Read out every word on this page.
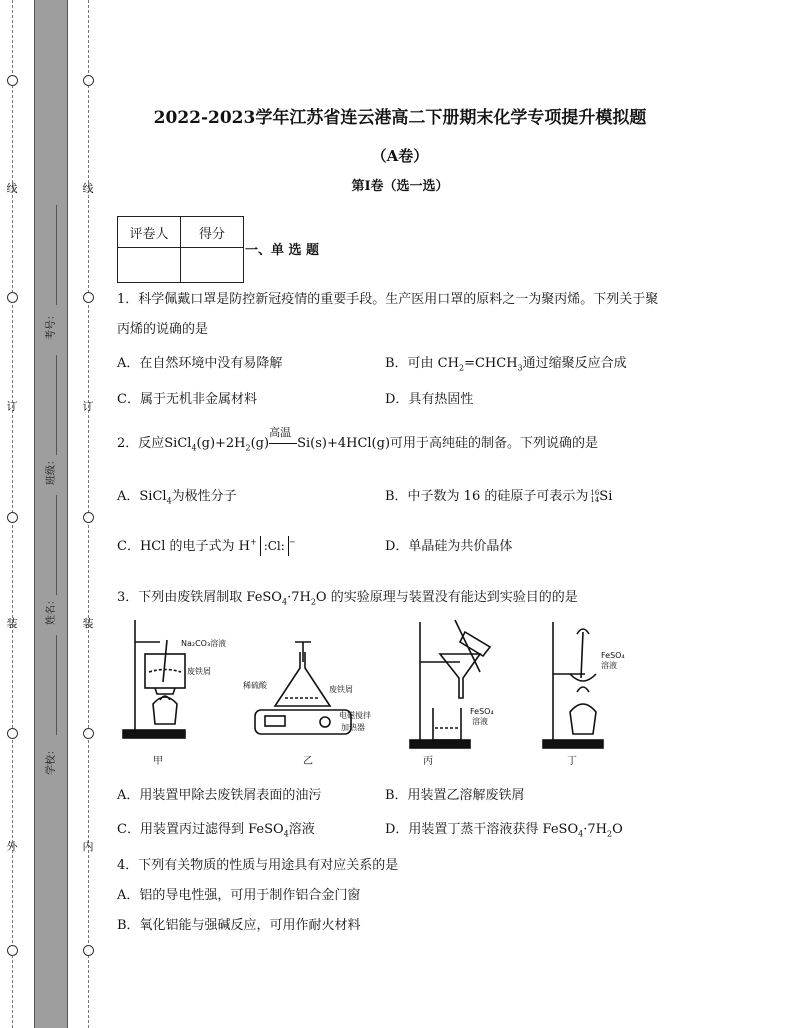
线
订
装
外
线
订
装
内
考号：
班级：
姓名：
学校：
2022-2023学年江苏省连云港高二下册期末化学专项提升模拟题
（A卷）
第I卷（选一选）
评卷人	得分

一、单 选 题
1．科学佩戴口罩是防控新冠疫情的重要手段。生产医用口罩的原料之一为聚丙烯。下列关于聚
丙烯的说确的是
A．在自然环境中没有易降解	B．可由 $CH_2=CHCH_3$通过缩聚反应合成
C．属于无机非金属材料	D．具有热固性
2．反应$SiCl_4(g)+2H_2(g)$
高温
Si(s)+4HCl(g)可用于高纯硅的制备。下列说确的是
A．SiCl$_4$为极性分子	B．中子数为 16 的硅原子可表示为 16
14 Si
C．HCl 的电子式为 H+ :Cl: −	D．单晶硅为共价晶体
3．下列由废铁屑制取 $FeSO_4\cdot 7H_2O$ 的实验原理与装置没有能达到实验目的的是
Na₂CO₃溶液
废铁屑
稀硫酸	废铁屑
电磁搅拌
加热器
FeSO₄
溶液
FeSO₄
溶液
甲	乙	丙	丁
A．用装置甲除去废铁屑表面的油污	B．用装置乙溶解废铁屑
C．用装置丙过滤得到 FeSO$_4$溶液	D．用装置丁蒸干溶液获得 $FeSO_4\cdot 7H_2O$
4．下列有关物质的性质与用途具有对应关系的是
A．铝的导电性强，可用于制作铝合金门窗
B．氧化铝能与强碱反应，可用作耐火材料
